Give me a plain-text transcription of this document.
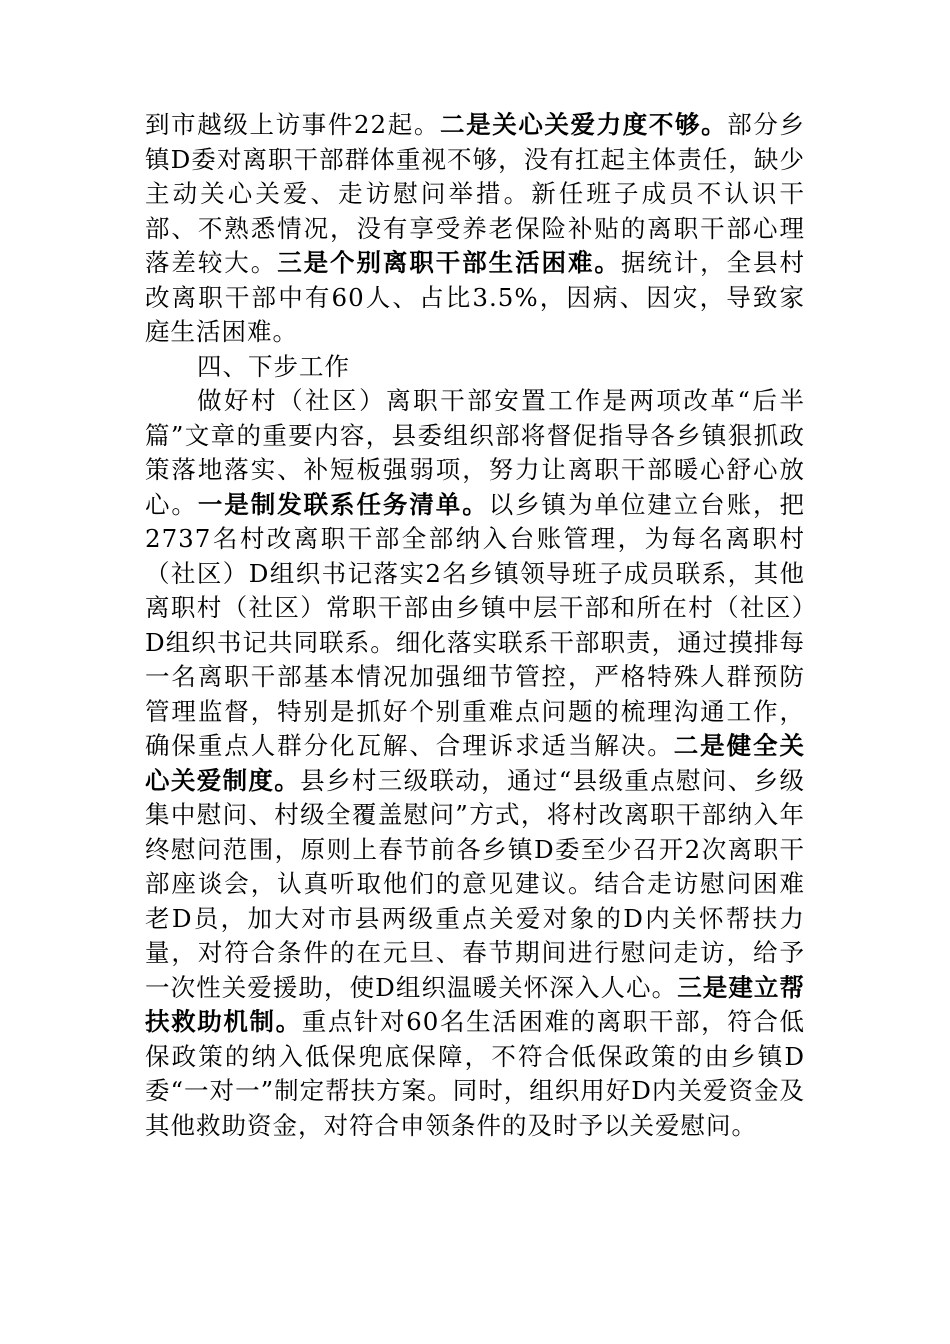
到市越级上访事件22起。二是关心关爱力度不够。部分乡镇D委对离职干部群体重视不够，没有扛起主体责任，缺少主动关心关爱、走访慰问举措。新任班子成员不认识干部、不熟悉情况，没有享受养老保险补贴的离职干部心理落差较大。三是个别离职干部生活困难。据统计，全县村改离职干部中有60人、占比3.5%，因病、因灾，导致家庭生活困难。

四、下步工作

做好村（社区）离职干部安置工作是两项改革“后半篇”文章的重要内容，县委组织部将督促指导各乡镇狠抓政策落地落实、补短板强弱项，努力让离职干部暖心舒心放心。一是制发联系任务清单。以乡镇为单位建立台账，把2737名村改离职干部全部纳入台账管理，为每名离职村（社区）D组织书记落实2名乡镇领导班子成员联系，其他离职村（社区）常职干部由乡镇中层干部和所在村（社区）D组织书记共同联系。细化落实联系干部职责，通过摸排每一名离职干部基本情况加强细节管控，严格特殊人群预防管理监督，特别是抓好个别重难点问题的梳理沟通工作，确保重点人群分化瓦解、合理诉求适当解决。二是健全关心关爱制度。县乡村三级联动，通过“县级重点慰问、乡级集中慰问、村级全覆盖慰问”方式，将村改离职干部纳入年终慰问范围，原则上春节前各乡镇D委至少召开2次离职干部座谈会，认真听取他们的意见建议。结合走访慰问困难老D员，加大对市县两级重点关爱对象的D内关怀帮扶力量，对符合条件的在元旦、春节期间进行慰问走访，给予一次性关爱援助，使D组织温暖关怀深入人心。三是建立帮扶救助机制。重点针对60名生活困难的离职干部，符合低保政策的纳入低保兜底保障，不符合低保政策的由乡镇D委“一对一”制定帮扶方案。同时，组织用好D内关爱资金及其他救助资金，对符合申领条件的及时予以关爱慰问。
